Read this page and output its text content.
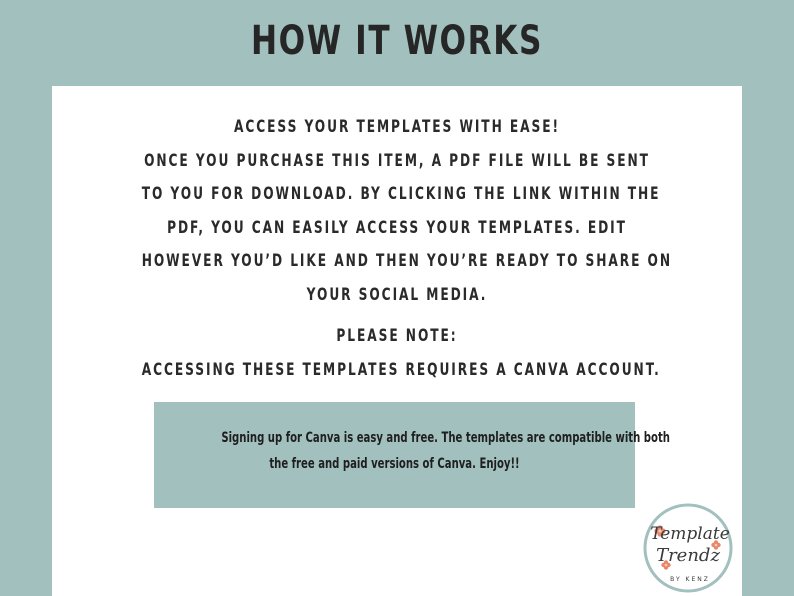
HOW IT WORKS
ACCESS YOUR TEMPLATES WITH EASE!
ONCE YOU PURCHASE THIS ITEM, A PDF FILE WILL BE SENT
TO YOU FOR DOWNLOAD. BY CLICKING THE LINK WITHIN THE
PDF, YOU CAN EASILY ACCESS YOUR TEMPLATES. EDIT
HOWEVER YOU’D LIKE AND THEN YOU’RE READY TO SHARE ON
YOUR SOCIAL MEDIA.
PLEASE NOTE:
ACCESSING THESE TEMPLATES REQUIRES A CANVA ACCOUNT.
Signing up for Canva is easy and free. The templates are compatible with both
the free and paid versions of Canva. Enjoy!!
Template
Trendz
BY KENZ
